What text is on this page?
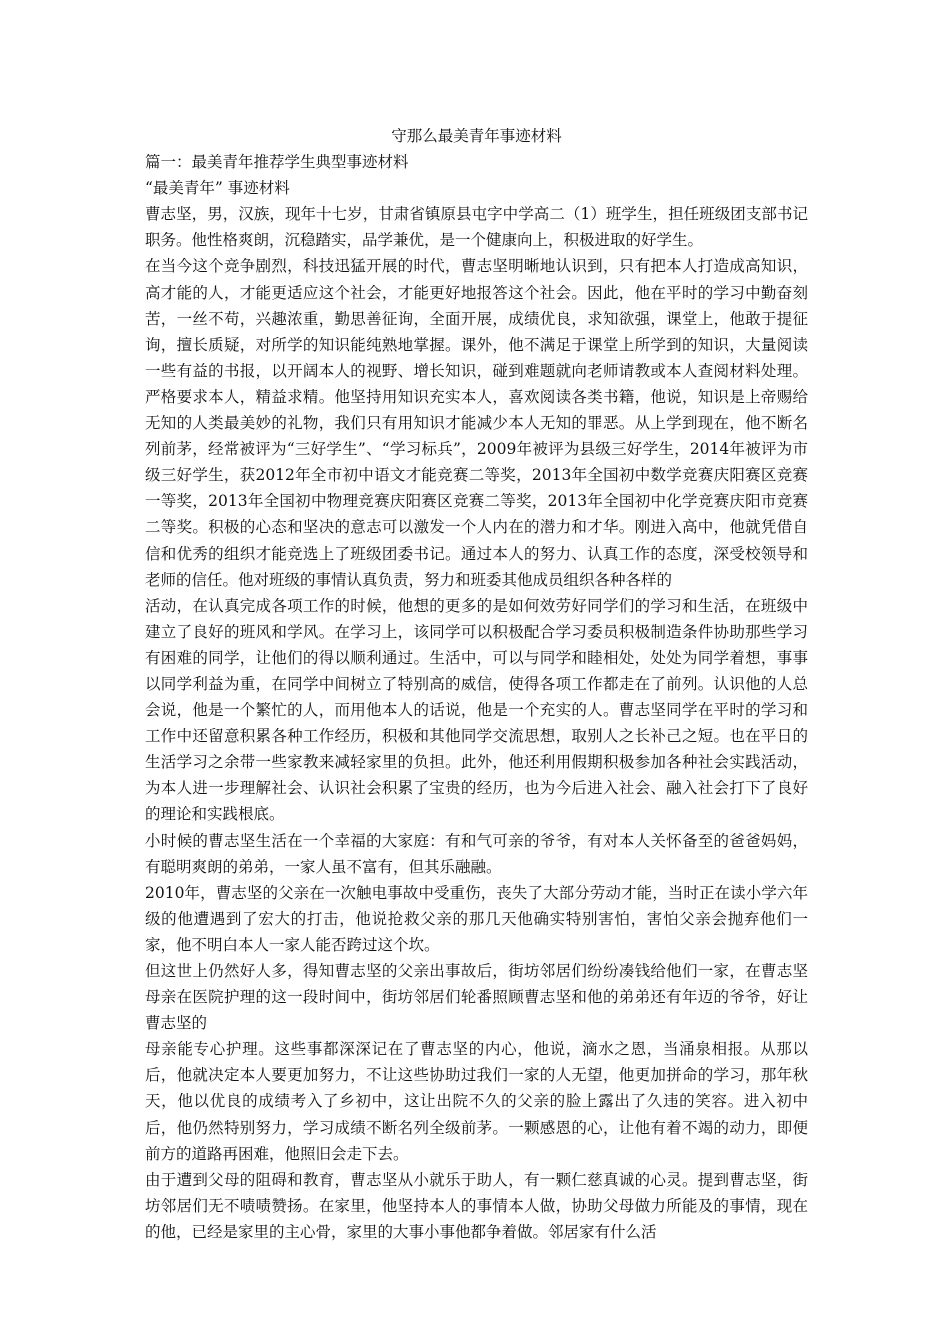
守那么最美青年事迹材料

篇一：最美青年推荐学生典型事迹材料

“最美青年” 事迹材料

曹志坚，男，汉族，现年十七岁，甘肃省镇原县屯字中学高二（1）班学生，担任班级团支部书记职务。他性格爽朗，沉稳踏实，品学兼优，是一个健康向上，积极进取的好学生。

在当今这个竞争剧烈，科技迅猛开展的时代，曹志坚明晰地认识到，只有把本人打造成高知识，高才能的人，才能更适应这个社会，才能更好地报答这个社会。因此，他在平时的学习中勤奋刻苦，一丝不苟，兴趣浓重，勤思善征询，全面开展，成绩优良，求知欲强，课堂上，他敢于提征询，擅长质疑，对所学的知识能纯熟地掌握。课外，他不满足于课堂上所学到的知识，大量阅读一些有益的书报，以开阔本人的视野、增长知识，碰到难题就向老师请教或本人查阅材料处理。严格要求本人，精益求精。他坚持用知识充实本人，喜欢阅读各类书籍，他说，知识是上帝赐给无知的人类最美妙的礼物，我们只有用知识才能减少本人无知的罪恶。从上学到现在，他不断名列前茅，经常被评为“三好学生”、“学习标兵”，2009年被评为县级三好学生，2014年被评为市级三好学生，获2012年全市初中语文才能竞赛二等奖，2013年全国初中数学竞赛庆阳赛区竞赛一等奖，2013年全国初中物理竞赛庆阳赛区竞赛二等奖，2013年全国初中化学竞赛庆阳市竞赛二等奖。积极的心态和坚决的意志可以激发一个人内在的潜力和才华。刚进入高中，他就凭借自信和优秀的组织才能竞选上了班级团委书记。通过本人的努力、认真工作的态度，深受校领导和老师的信任。他对班级的事情认真负责，努力和班委其他成员组织各种各样的

活动，在认真完成各项工作的时候，他想的更多的是如何效劳好同学们的学习和生活，在班级中建立了良好的班风和学风。在学习上，该同学可以积极配合学习委员积极制造条件协助那些学习有困难的同学，让他们的得以顺利通过。生活中，可以与同学和睦相处，处处为同学着想，事事以同学利益为重，在同学中间树立了特别高的威信，使得各项工作都走在了前列。认识他的人总会说，他是一个繁忙的人，而用他本人的话说，他是一个充实的人。曹志坚同学在平时的学习和工作中还留意积累各种工作经历，积极和其他同学交流思想，取别人之长补己之短。也在平日的生活学习之余带一些家教来减轻家里的负担。此外，他还利用假期积极参加各种社会实践活动，为本人进一步理解社会、认识社会积累了宝贵的经历，也为今后进入社会、融入社会打下了良好的理论和实践根底。

小时候的曹志坚生活在一个幸福的大家庭：有和气可亲的爷爷，有对本人关怀备至的爸爸妈妈，有聪明爽朗的弟弟，一家人虽不富有，但其乐融融。

2010年，曹志坚的父亲在一次触电事故中受重伤，丧失了大部分劳动才能，当时正在读小学六年级的他遭遇到了宏大的打击，他说抢救父亲的那几天他确实特别害怕，害怕父亲会抛弃他们一家，他不明白本人一家人能否跨过这个坎。

但这世上仍然好人多，得知曹志坚的父亲出事故后，街坊邻居们纷纷凑钱给他们一家，在曹志坚母亲在医院护理的这一段时间中，街坊邻居们轮番照顾曹志坚和他的弟弟还有年迈的爷爷，好让曹志坚的

母亲能专心护理。这些事都深深记在了曹志坚的内心，他说，滴水之恩，当涌泉相报。从那以后，他就决定本人要更加努力，不让这些协助过我们一家的人无望，他更加拼命的学习，那年秋天，他以优良的成绩考入了乡初中，这让出院不久的父亲的脸上露出了久违的笑容。进入初中后，他仍然特别努力，学习成绩不断名列全级前茅。一颗感恩的心，让他有着不竭的动力，即便前方的道路再困难，他照旧会走下去。

由于遭到父母的阻碍和教育，曹志坚从小就乐于助人，有一颗仁慈真诚的心灵。提到曹志坚，街坊邻居们无不啧啧赞扬。在家里，他坚持本人的事情本人做，协助父母做力所能及的事情，现在的他，已经是家里的主心骨，家里的大事小事他都争着做。邻居家有什么活
